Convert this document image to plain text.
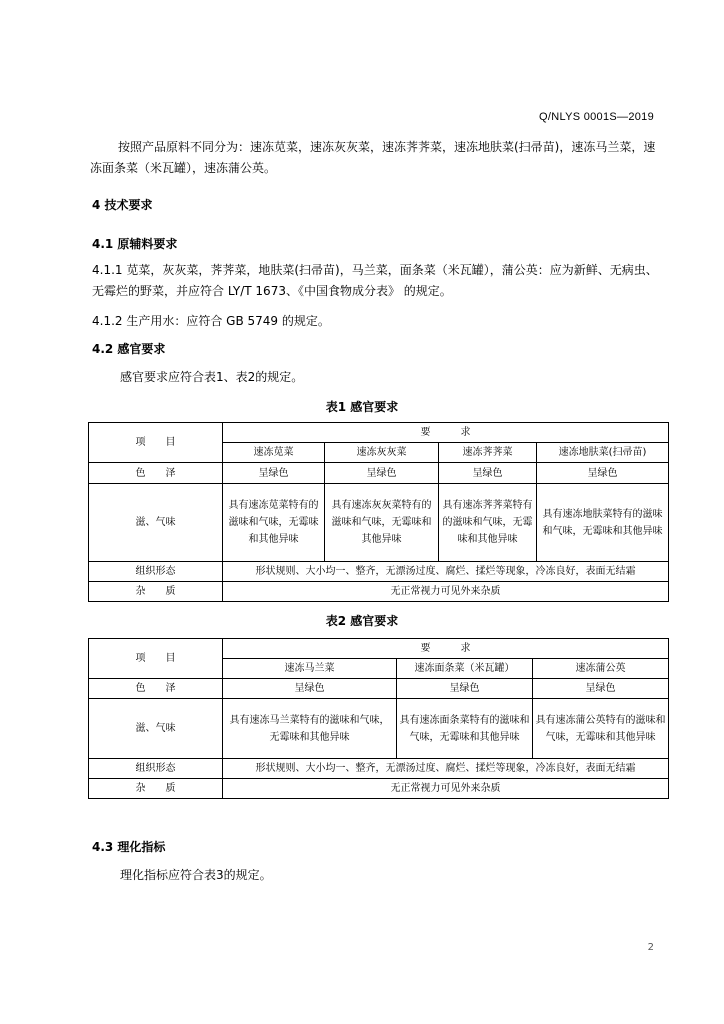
Q/NLYS 0001S—2019
按照产品原料不同分为：速冻苋菜，速冻灰灰菜，速冻荠荠菜，速冻地肤菜(扫帚苗)，速冻马兰菜，速冻面条菜（米瓦罐），速冻蒲公英。
4 技术要求
4.1 原辅料要求
4.1.1 苋菜，灰灰菜，荠荠菜，地肤菜(扫帚苗)，马兰菜，面条菜（米瓦罐），蒲公英：应为新鲜、无病虫、无霉烂的野菜，并应符合 LY/T 1673、《中国食物成分表》 的规定。
4.1.2 生产用水：应符合 GB 5749 的规定。
4.2 感官要求
感官要求应符合表1、表2的规定。
表1 感官要求
项　　目	要　　　求			
	速冻苋菜	速冻灰灰菜	速冻荠荠菜	速冻地肤菜(扫帚苗)
色　　泽	呈绿色	呈绿色	呈绿色	呈绿色
滋、气味	具有速冻苋菜特有的滋味和气味，无霉味和其他异味	具有速冻灰灰菜特有的滋味和气味，无霉味和其他异味	具有速冻荠荠菜特有的滋味和气味，无霉味和其他异味	具有速冻地肤菜特有的滋味和气味，无霉味和其他异味
组织形态	形状规则、大小均一、整齐，无漂汤过度、腐烂、揉烂等现象，冷冻良好，表面无结霜			
杂　　质	无正常视力可见外来杂质			
表2 感官要求
项　　目	要　　　求		
	速冻马兰菜	速冻面条菜（米瓦罐）	速冻蒲公英
色　　泽	呈绿色	呈绿色	呈绿色
滋、气味	具有速冻马兰菜特有的滋味和气味，无霉味和其他异味	具有速冻面条菜特有的滋味和气味，无霉味和其他异味	具有速冻蒲公英特有的滋味和气味，无霉味和其他异味
组织形态	形状规则、大小均一、整齐，无漂汤过度、腐烂、揉烂等现象，冷冻良好，表面无结霜		
杂　　质	无正常视力可见外来杂质		
4.3 理化指标
理化指标应符合表3的规定。
2
